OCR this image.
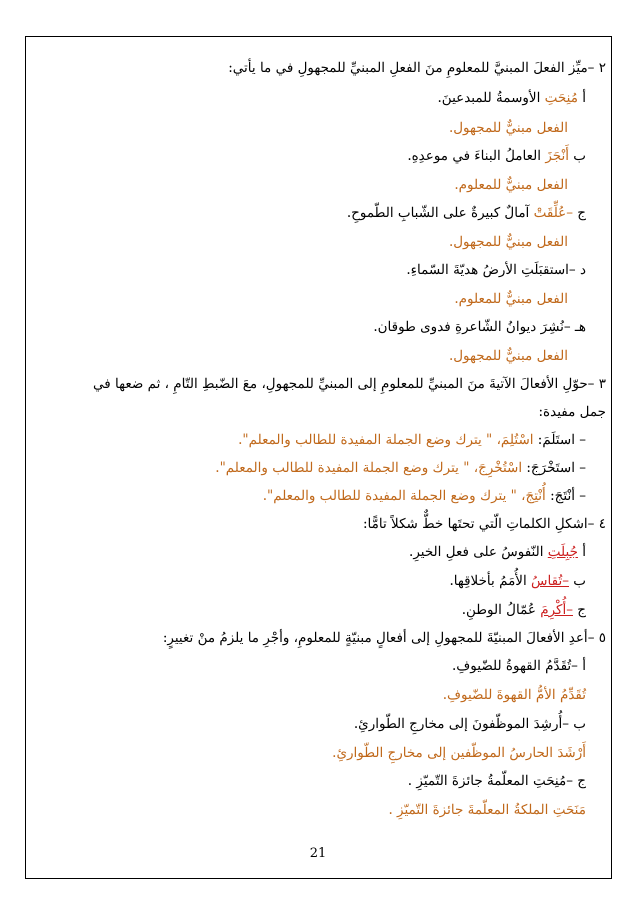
٢ –ميِّز الفعلَ المبنيَّ للمعلومِ منَ الفعلِ المبنيِّ للمجهولِ في ما يأتي:
أ مُنِحَتِ الأوسمةُ للمبدعينَ.
الفعل مبنيٌّ للمجهول.
ب أَنْجَزَ العاملُ البناءَ في موعدِهِ.
الفعل مبنيٌّ للمعلوم.
ج –عُلِّقَتْ آمالٌ كبيرةٌ على الشّبابِ الطّموحِ.
الفعل مبنيٌّ للمجهول.
د –استقبَلَتِ الأرضُ هديّةَ السّماءِ.
الفعل مبنيٌّ للمعلوم.
هـ –نُشِرَ ديوانُ الشّاعرةِ فدوى طوقان.
الفعل مبنيٌّ للمجهول.
٣ –حوّلِ الأفعالَ الآتيةَ منَ المبنيِّ للمعلومِ إلى المبنيِّ للمجهولِ، معَ الضّبطِ التّامِ ، ثم ضعها في
جمل مفيدة:
– استَلَمَ: اسْتُلِمَ، " يترك وضع الجملة المفيدة للطالب والمعلم".
– استَخْرَجَ: اسْتُخْرِجَ، " يترك وضع الجملة المفيدة للطالب والمعلم".
– أنْتَجَ: أُنْتِجَ، " يترك وضع الجملة المفيدة للطالب والمعلم".
٤ –اشكلِ الكلماتِ الّتي تحتَها خطٌّ شكلاً تامًّا:
أ جُبِلَتِ النّفوسُ على فعلِ الخيرِ.
ب –تُقاسُ الأُمَمُ بأخلاقِها.
ج –أُكْرِمَ عُمّالُ الوطنِ.
٥ –أعدِ الأفعالَ المبنيّةَ للمجهولِ إلى أفعالٍ مبنيّةٍ للمعلومِ، وأجْرِ ما يلزمُ منْ تغييرٍ:
أ –تُقَدَّمُ القهوةُ للضّيوفِ.
تُقَدِّمُ الأمُّ القهوةَ للضّيوفِ.
ب –أُرشِدَ الموظّفونَ إلى مخارجِ الطّوارئِ.
أَرْشَدَ الحارسُ الموظّفين إلى مخارجِ الطّوارئِ.
ج –مُنِحَتِ المعلّمةُ جائزةَ التّميّزِ .
مَنَحَتِ الملكةُ المعلّمةَ جائزةَ التّميّزِ .
21
